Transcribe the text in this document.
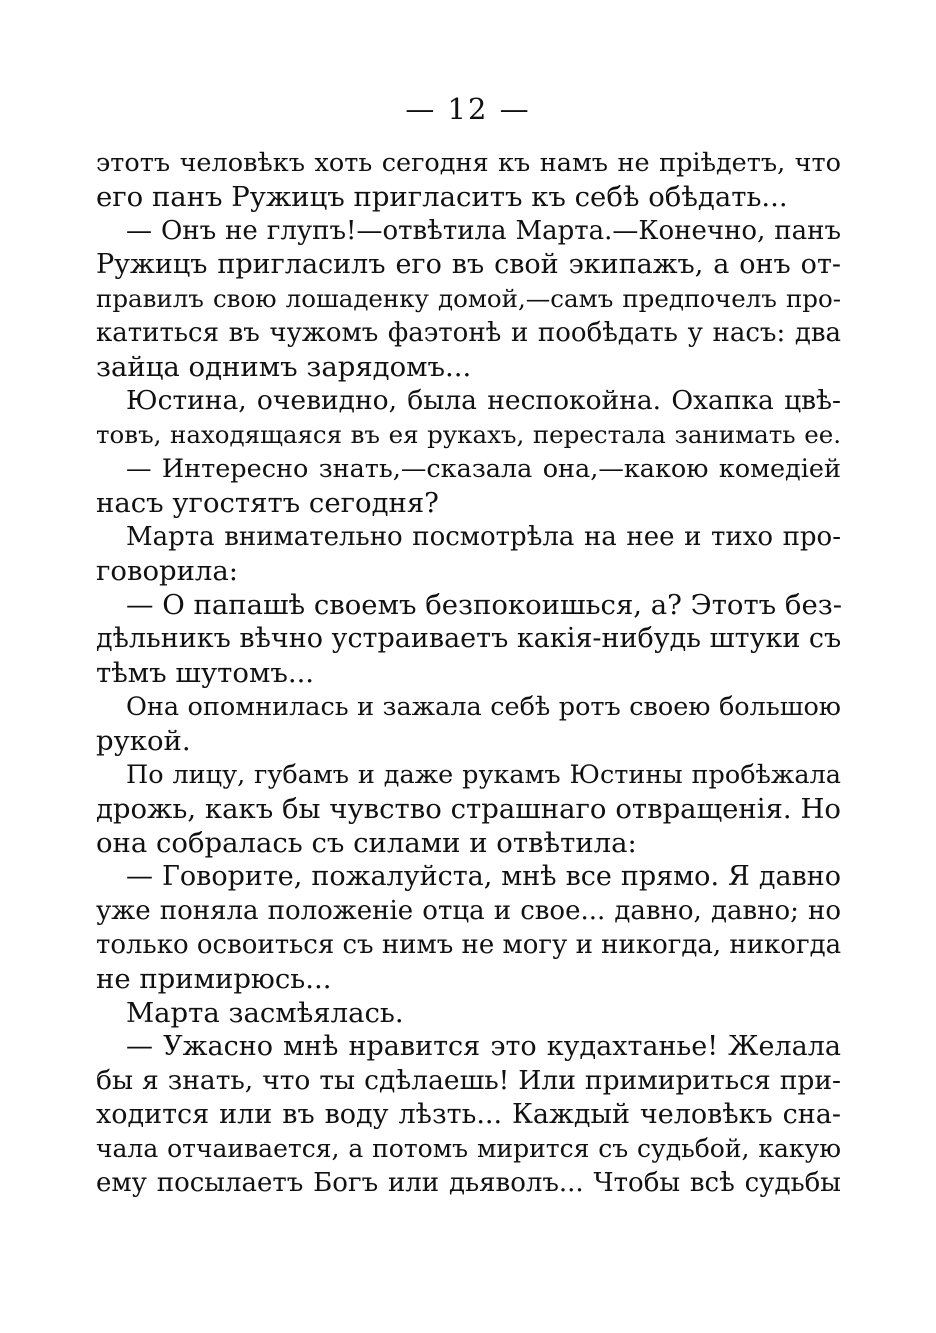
— 12 —
этотъ человѣкъ хоть сегодня къ намъ не пріѣдетъ, что
его панъ Ружицъ пригласитъ къ себѣ обѣдать...
— Онъ не глупъ!—отвѣтила Марта.—Конечно, панъ
Ружицъ пригласилъ его въ свой экипажъ, а онъ от-
правилъ свою лошаденку домой,—самъ предпочелъ про-
катиться въ чужомъ фаэтонѣ и пообѣдать у насъ: два
зайца однимъ зарядомъ...
Юстина, очевидно, была неспокойна. Охапка цвѣ-
товъ, находящаяся въ ея рукахъ, перестала занимать ее.
— Интересно знать,—сказала она,—какою комедіей
насъ угостятъ сегодня?
Марта внимательно посмотрѣла на нее и тихо про-
говорила:
— О папашѣ своемъ безпокоишься, а? Этотъ без-
дѣльникъ вѣчно устраиваетъ какія-нибудь штуки съ
тѣмъ шутомъ...
Она опомнилась и зажала себѣ ротъ своею большою
рукой.
По лицу, губамъ и даже рукамъ Юстины пробѣжала
дрожь, какъ бы чувство страшнаго отвращенія. Но
она собралась съ силами и отвѣтила:
— Говорите, пожалуйста, мнѣ все прямо. Я давно
уже поняла положеніе отца и свое... давно, давно; но
только освоиться съ нимъ не могу и никогда, никогда
не примирюсь...
Марта засмѣялась.
— Ужасно мнѣ нравится это кудахтанье! Желала
бы я знать, что ты сдѣлаешь! Или примириться при-
ходится или въ воду лѣзть... Каждый человѣкъ сна-
чала отчаивается, а потомъ мирится съ судьбой, какую
ему посылаетъ Богъ или дьяволъ... Чтобы всѣ судьбы
